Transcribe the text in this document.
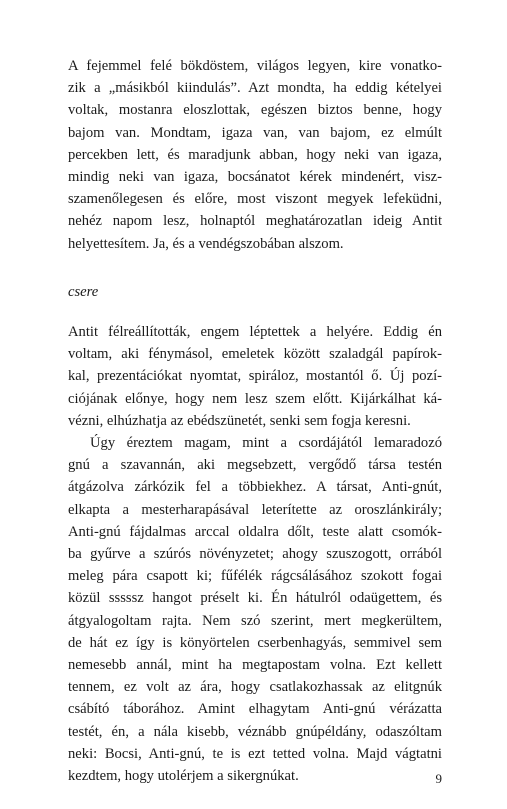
A fejemmel felé bökdöstem, világos legyen, kire vonatko-
zik a „másikból kiindulás”. Azt mondta, ha eddig kételyei
voltak, mostanra eloszlottak, egészen biztos benne, hogy
bajom van. Mondtam, igaza van, van bajom, ez elmúlt
percekben lett, és maradjunk abban, hogy neki van igaza,
mindig neki van igaza, bocsánatot kérek mindenért, visz-
szamenőlegesen és előre, most viszont megyek lefeküdni,
nehéz napom lesz, holnaptól meghatározatlan ideig Antit
helyettesítem. Ja, és a vendégszobában alszom.
csere
Antit félreállították, engem léptettek a helyére. Eddig én
voltam, aki fénymásol, emeletek között szaladgál papírok-
kal, prezentációkat nyomtat, spiráloz, mostantól ő. Új pozí-
ciójának előnye, hogy nem lesz szem előtt. Kijárkálhat ká-
vézni, elhúzhatja az ebédszünetét, senki sem fogja keresni.
Úgy éreztem magam, mint a csordájától lemaradozó
gnú a szavannán, aki megsebzett, vergődő társa testén
átgázolva zárkózik fel a többiekhez. A társat, Anti-gnút,
elkapta a mesterharapásával leterítette az oroszlánkirály;
Anti-gnú fájdalmas arccal oldalra dőlt, teste alatt csomók-
ba gyűrve a szúrós növényzetet; ahogy szuszogott, orrából
meleg pára csapott ki; fűfélék rágcsálásához szokott fogai
közül sssssz hangot préselt ki. Én hátulról odaügettem, és
átgyalogoltam rajta. Nem szó szerint, mert megkerültem,
de hát ez így is könyörtelen cserbenhagyás, semmivel sem
nemesebb annál, mint ha megtapostam volna. Ezt kellett
tennem, ez volt az ára, hogy csatlakozhassak az elitgnúk
csábító táborához. Amint elhagytam Anti-gnú vérázatta
testét, én, a nála kisebb, véznább gnúpéldány, odaszóltam
neki: Bocsi, Anti-gnú, te is ezt tetted volna. Majd vágtatni
kezdtem, hogy utolérjem a sikergnúkat.	9
